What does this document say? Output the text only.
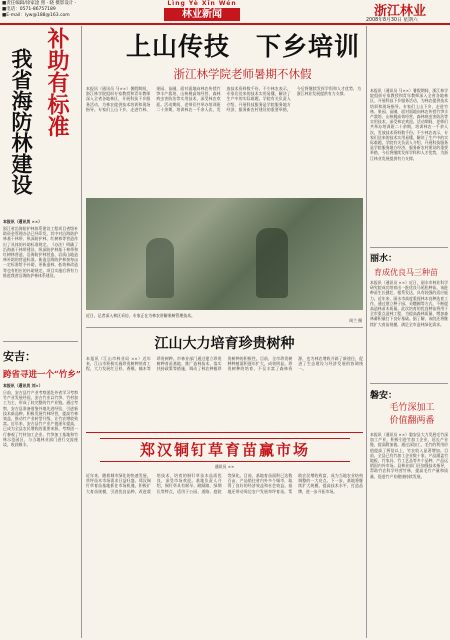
■责任编辑/徐家淦 照 · 晓 摄影设计 ·
■电话：0571-86757189
■E-mail：lyw@188@163.com
Lìng Yè Xīn Wén
林业新闻	浙江林业
2008年8月30日 星期六
补助有标准
我省海防林建设
本报讯（通讯员 ××）
浙江省沿海防护林体系建设工程项目省级补助资金管理办法已经印发。其中对沿海防护林基干林带、纵深防护林、红树林等营造作出了具体的补助标准规定。《办法》明确了沿海基干林带建设、纵深防护林基干林带和红树林营造、沿海防护林营造、岩质山地造林补助的营造标准。新造沿海防护林按每亩一定标准给予补助，更新造林、低效林改造等也有相应的补助规定。项目实施后将有力推进我省沿海防护林体系建设。
安吉：
跨省寻进一个“竹乡”
本报讯（通讯员 刘×）
日前，安吉县竹产业考察团赴外省学习考察竹产业发展经验。安吉竹业以竹笋、竹材加工为主，形成了较完整的竹产业链。通过考察，安吉县准备借鉴外地先进经验，引进新技术新品种，积极发展竹林经营，提高竹林效益，推动竹产业转型升级，让竹农增收致富。近年来，安吉县竹产业产值逐年提高，已成为全县农民增收的重要来源。考察团一行参观了竹材加工企业、竹笋加工基地和竹林示范园区，与当地林业部门进行交流座谈，收获颇丰。
上山传技　下乡培训
浙江林学院老师暑期不休假
本报讯（通讯员 马××）暑假期间，浙江林学院组织专家教授和青年教师深入全省各地林区，开展科技下乡服务活动，为林农提供技术培训和现场指导。专家们上山下乡，走进竹林、果园、苗圃，面对面地向林农传授竹笋丰产栽培、山核桃高效经营、森林病虫害防治等实用技术，深受林农欢迎。活动期间，老师们共举办培训班二十余期，培训林农一千余人次，发放技术资料数千份。不少林农表示，专家们送来的技术实用易懂，解决了生产中的实际难题。学院有关负责人介绍，开展科技服务是学院服务地方经济、服务新农村建设的重要举措，今后将继续发挥学科和人才优势，为浙江林业发展提供有力支撑。
近日，记者深入林区采访，专家正在为林农讲解果树管理技术。
周兰 摄
本报讯（通讯员 马××）暑假期间，浙江林学院组织专家教授和青年教师深入全省各地林区，开展科技下乡服务活动，为林农提供技术培训和现场指导。专家们上山下乡，走进竹林、果园、苗圃，面对面地向林农传授竹笋丰产栽培、山核桃高效经营、森林病虫害防治等实用技术，深受林农欢迎。活动期间，老师们共举办培训班二十余期，培训林农一千余人次，发放技术资料数千份。不少林农表示，专家们送来的技术实用易懂，解决了生产中的实际难题。学院有关负责人介绍，开展科技服务是学院服务地方经济、服务新农村建设的重要举措，今后将继续发挥学科和人才优势，为浙江林业发展提供有力支撑。
丽水：
育成优良马三种苗
本报讯（通讯员 ××）近日，丽水市林业科学研究院成功培育出一批优良马尾松种苗。该批种苗生长健壮，根系发达，具有较强的适应能力。近年来，丽水市高度重视林木良种选育工作，通过建立种子园、采穗圃等方式，不断提高造林苗木质量。此次培育的优良种苗将用于全市重点造林工程，为提高森林质量、增加森林蓄积量打下良好基础。据了解，该院还将继续扩大育苗规模，满足全市造林绿化需求。
磐安：
毛竹深加工价值翻两番
本报讯（通讯员 ××）磐安县大力发展毛竹深加工产业，积极引进竹加工企业，延长产业链，提高附加值。通过深加工，毛竹的利用价值提高了两倍以上，竹农收入显著增加。目前，全县已有竹加工企业数十家，产品涵盖竹地板、竹家具、竹工艺品等多个品种，产品远销国内外市场。县林业部门还加强技术指导，帮助竹农科学经营竹林，提高毛竹产量和质量，促进竹产业健康持续发展。
江山大力培育珍贵树种
本报讯（江山市林业局 ××）近年来，江山市积极实施珍贵树种培育工程，大力发展红豆杉、香榧、楠木等珍贵树种。市林业部门通过建立珍贵树种育苗基地、推广造林技术、落实扶持政策等措施，调动了林农种植珍贵树种的积极性。目前，全市珍贵树种种植面积逐年扩大，成效明显。珍贵树种的培育，不仅丰富了森林资源，也为林农增收开辟了新途径，促进了生态建设与经济发展的协调统一。
郑汉铜钉草育苗赢市场
通讯员 ××
近年来，随着城市绿化的快速发展，草坪苗木市场需求日益旺盛。郑汉铜钉草育苗基地抓住市场机遇，积极扩大育苗规模，引进优良品种，改进栽培技术，培育的铜钉草苗木品质优良，深受市场欢迎。基地负责人介绍，铜钉草具有耐旱、耐踩踏、绿期长等特点，适用于公园、道路、庭院等绿化。目前，基地育苗面积已达数百亩，产品销往省内外多个城市，取得了良好的经济效益和社会效益。基地还带动周边农户发展草坪育苗，帮助农民增收致富，成为当地农业结构调整的一大亮点。下一步，基地将继续扩大规模，提高技术水平，打造品牌，进一步开拓市场。
